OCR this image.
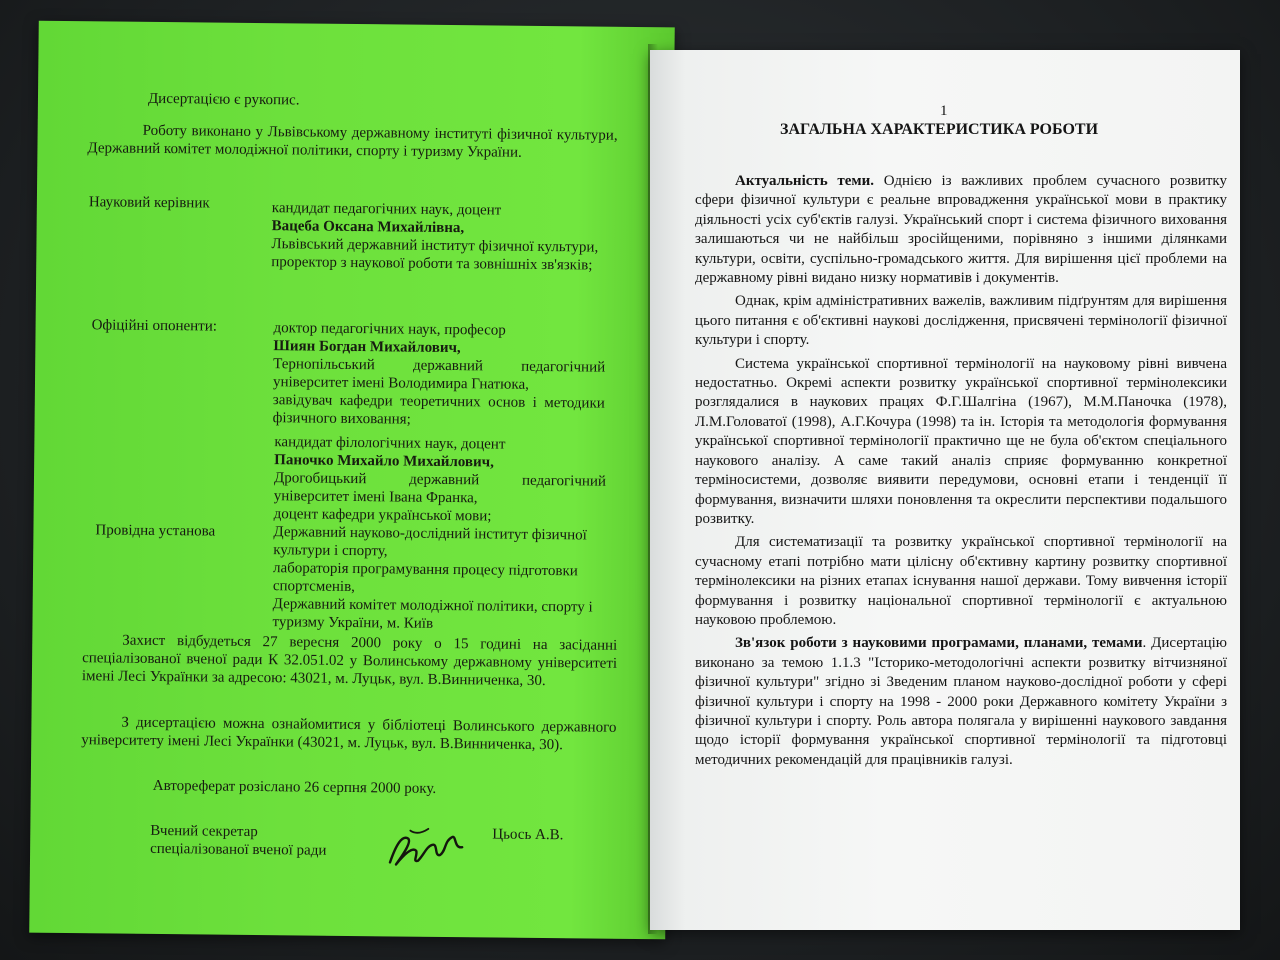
Дисертацією є рукопис.
Роботу виконано у Львівському державному інституті фізичної культури, Державний комітет молодіжної політики, спорту і туризму України.
Науковий керівник	кандидат педагогічних наук, доцент
Вацеба Оксана Михайлівна,
Львівський державний інститут фізичної культури,
проректор з наукової роботи та зовнішніх зв'язків;
Офіційні опоненти:	доктор педагогічних наук, професор
Шиян Богдан Михайлович,
Тернопільський державний педагогічний університет імені Володимира Гнатюка,
завідувач кафедри теоретичних основ і методики фізичного виховання;
кандидат філологічних наук, доцент
Паночко Михайло Михайлович,
Дрогобицький державний педагогічний університет імені Івана Франка,
доцент кафедри української мови;
Провідна установа	Державний науково-дослідний інститут фізичної культури і спорту,
лабораторія програмування процесу підготовки спортсменів,
Державний комітет молодіжної політики, спорту і туризму України, м. Київ
Захист відбудеться 27 вересня 2000 року о 15 годині на засіданні спеціалізованої вченої ради К 32.051.02 у Волинському державному університеті імені Лесі Українки за адресою: 43021, м. Луцьк, вул. В.Винниченка, 30.
З дисертацією можна ознайомитися у бібліотеці Волинського державного університету імені Лесі Українки (43021, м. Луцьк, вул. В.Винниченка, 30).
Автореферат розіслано 26 серпня 2000 року.
Вчений секретар
спеціалізованої вченої ради
Цьось А.В.
1
ЗАГАЛЬНА ХАРАКТЕРИСТИКА РОБОТИ

Актуальність теми. Однією із важливих проблем сучасного розвитку сфери фізичної культури є реальне впровадження української мови в практику діяльності усіх суб'єктів галузі. Український спорт і система фізичного виховання залишаються чи не найбільш зросійщеними, порівняно з іншими ділянками культури, освіти, суспільно-громадського життя. Для вирішення цієї проблеми на державному рівні видано низку нормативів і документів.

Однак, крім адміністративних важелів, важливим підґрунтям для вирішення цього питання є об'єктивні наукові дослідження, присвячені термінології фізичної культури і спорту.

Система української спортивної термінології на науковому рівні вивчена недостатньо. Окремі аспекти розвитку української спортивної термінолексики розглядалися в наукових працях Ф.Г.Шалгіна (1967), М.М.Паночка (1978), Л.М.Головатої (1998), А.Г.Кочура (1998) та ін. Історія та методологія формування української спортивної термінології практично ще не була об'єктом спеціального наукового аналізу. А саме такий аналіз сприяє формуванню конкретної терміносистеми, дозволяє виявити передумови, основні етапи і тенденції її формування, визначити шляхи поновлення та окреслити перспективи подальшого розвитку.

Для систематизації та розвитку української спортивної термінології на сучасному етапі потрібно мати цілісну об'єктивну картину розвитку спортивної термінолексики на різних етапах існування нашої держави. Тому вивчення історії формування і розвитку національної спортивної термінології є актуальною науковою проблемою.

Зв'язок роботи з науковими програмами, планами, темами. Дисертацію виконано за темою 1.1.3 "Історико-методологічні аспекти розвитку вітчизняної фізичної культури" згідно зі Зведеним планом науково-дослідної роботи у сфері фізичної культури і спорту на 1998 - 2000 роки Державного комітету України з фізичної культури і спорту. Роль автора полягала у вирішенні наукового завдання щодо історії формування української спортивної термінології та підготовці методичних рекомендацій для працівників галузі.
